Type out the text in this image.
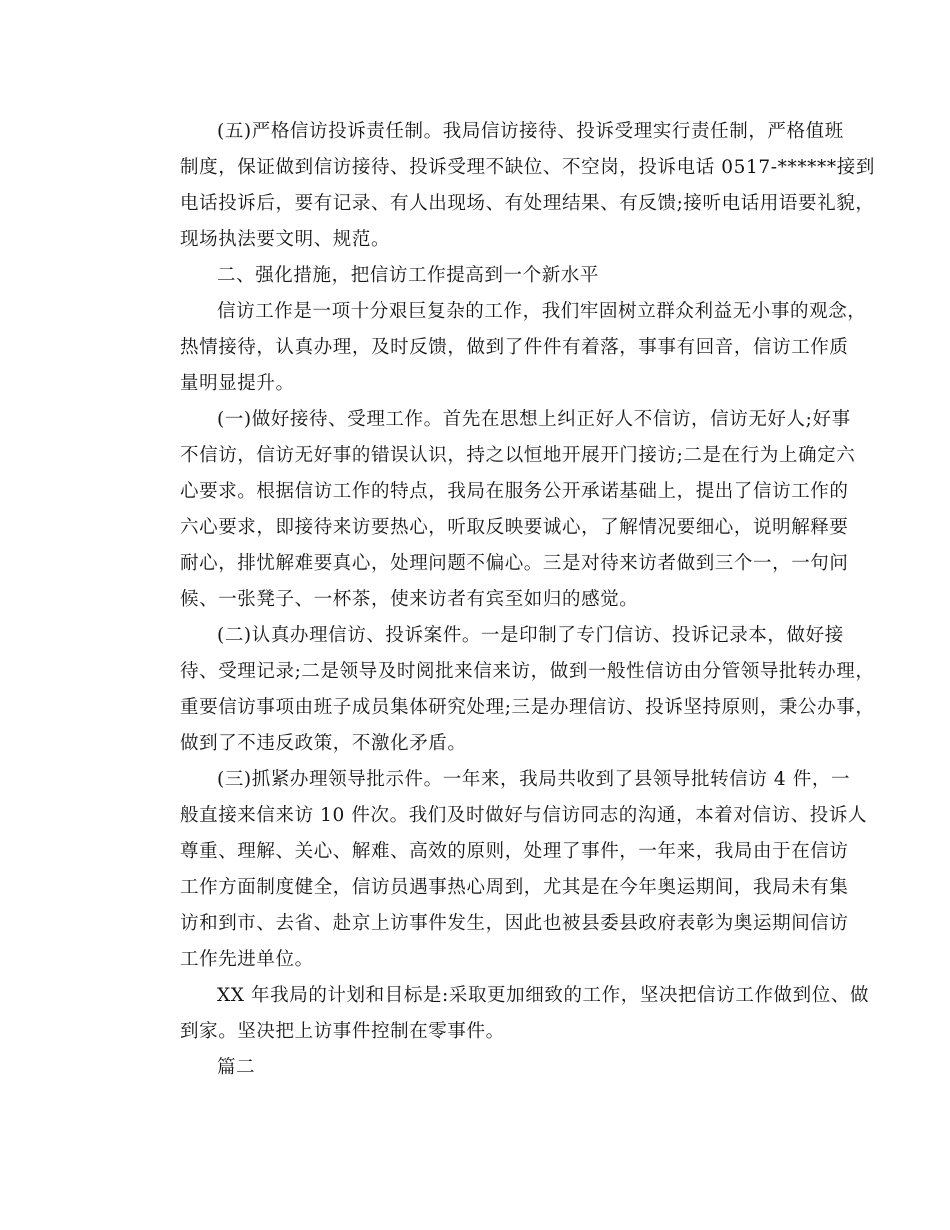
(五)严格信访投诉责任制。我局信访接待、投诉受理实行责任制，严格值班
制度，保证做到信访接待、投诉受理不缺位、不空岗，投诉电话 0517-******接到
电话投诉后，要有记录、有人出现场、有处理结果、有反馈;接听电话用语要礼貌，
现场执法要文明、规范。
二、强化措施，把信访工作提高到一个新水平
信访工作是一项十分艰巨复杂的工作，我们牢固树立群众利益无小事的观念，
热情接待，认真办理，及时反馈，做到了件件有着落，事事有回音，信访工作质
量明显提升。
(一)做好接待、受理工作。首先在思想上纠正好人不信访，信访无好人;好事
不信访，信访无好事的错误认识，持之以恒地开展开门接访;二是在行为上确定六
心要求。根据信访工作的特点，我局在服务公开承诺基础上，提出了信访工作的
六心要求，即接待来访要热心，听取反映要诚心，了解情况要细心，说明解释要
耐心，排忧解难要真心，处理问题不偏心。三是对待来访者做到三个一，一句问
候、一张凳子、一杯茶，使来访者有宾至如归的感觉。
(二)认真办理信访、投诉案件。一是印制了专门信访、投诉记录本，做好接
待、受理记录;二是领导及时阅批来信来访，做到一般性信访由分管领导批转办理，
重要信访事项由班子成员集体研究处理;三是办理信访、投诉坚持原则，秉公办事，
做到了不违反政策，不激化矛盾。
(三)抓紧办理领导批示件。一年来，我局共收到了县领导批转信访 4 件，一
般直接来信来访 10 件次。我们及时做好与信访同志的沟通，本着对信访、投诉人
尊重、理解、关心、解难、高效的原则，处理了事件，一年来，我局由于在信访
工作方面制度健全，信访员遇事热心周到，尤其是在今年奥运期间，我局未有集
访和到市、去省、赴京上访事件发生，因此也被县委县政府表彰为奥运期间信访
工作先进单位。
XX 年我局的计划和目标是:采取更加细致的工作，坚决把信访工作做到位、做
到家。坚决把上访事件控制在零事件。
篇二
